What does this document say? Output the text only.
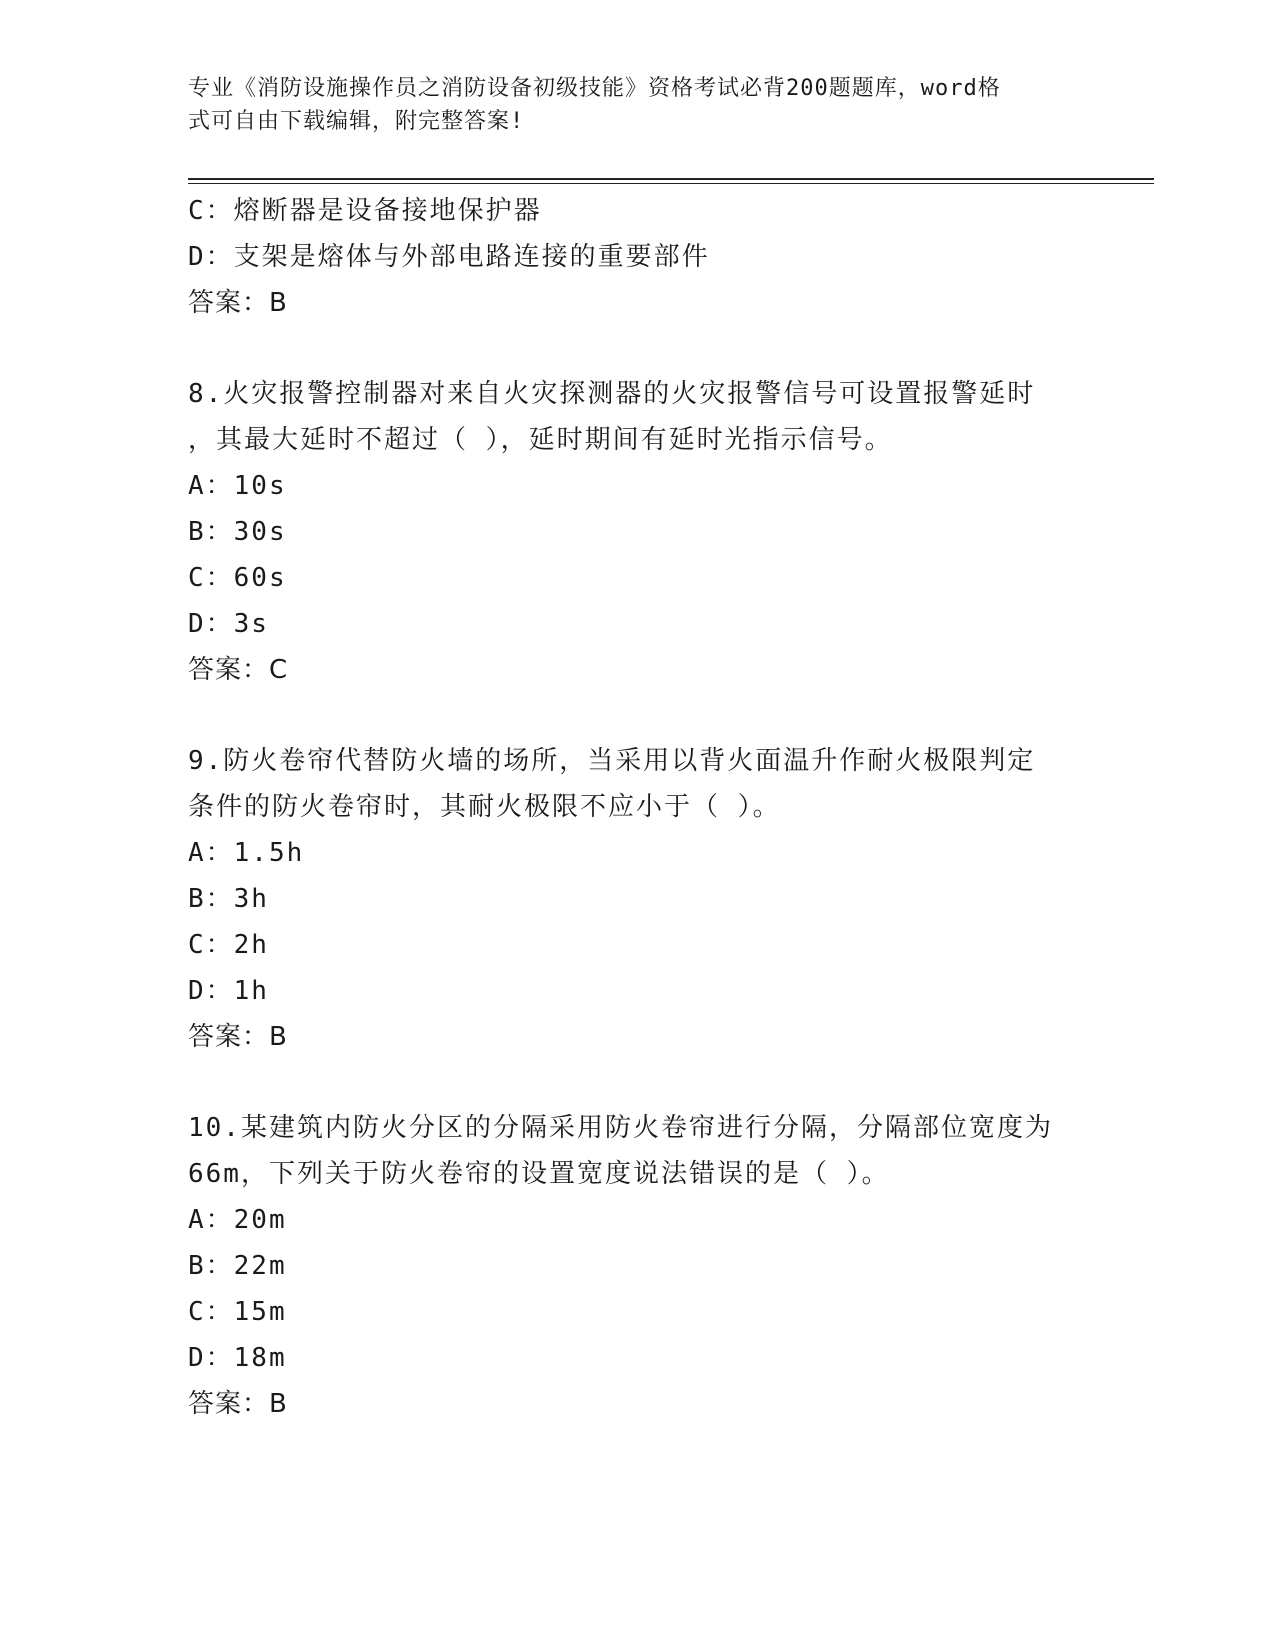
专业《消防设施操作员之消防设备初级技能》资格考试必背200题题库，word格
式可自由下载编辑，附完整答案!
C：熔断器是设备接地保护器
D：支架是熔体与外部电路连接的重要部件
答案：B
8.火灾报警控制器对来自火灾探测器的火灾报警信号可设置报警延时
，其最大延时不超过（ ），延时期间有延时光指示信号。
A：10s
B：30s
C：60s
D：3s
答案：C
9.防火卷帘代替防火墙的场所，当采用以背火面温升作耐火极限判定
条件的防火卷帘时，其耐火极限不应小于（ ）。
A：1.5h
B：3h
C：2h
D：1h
答案：B
10.某建筑内防火分区的分隔采用防火卷帘进行分隔，分隔部位宽度为
66m，下列关于防火卷帘的设置宽度说法错误的是（ ）。
A：20m
B：22m
C：15m
D：18m
答案：B
